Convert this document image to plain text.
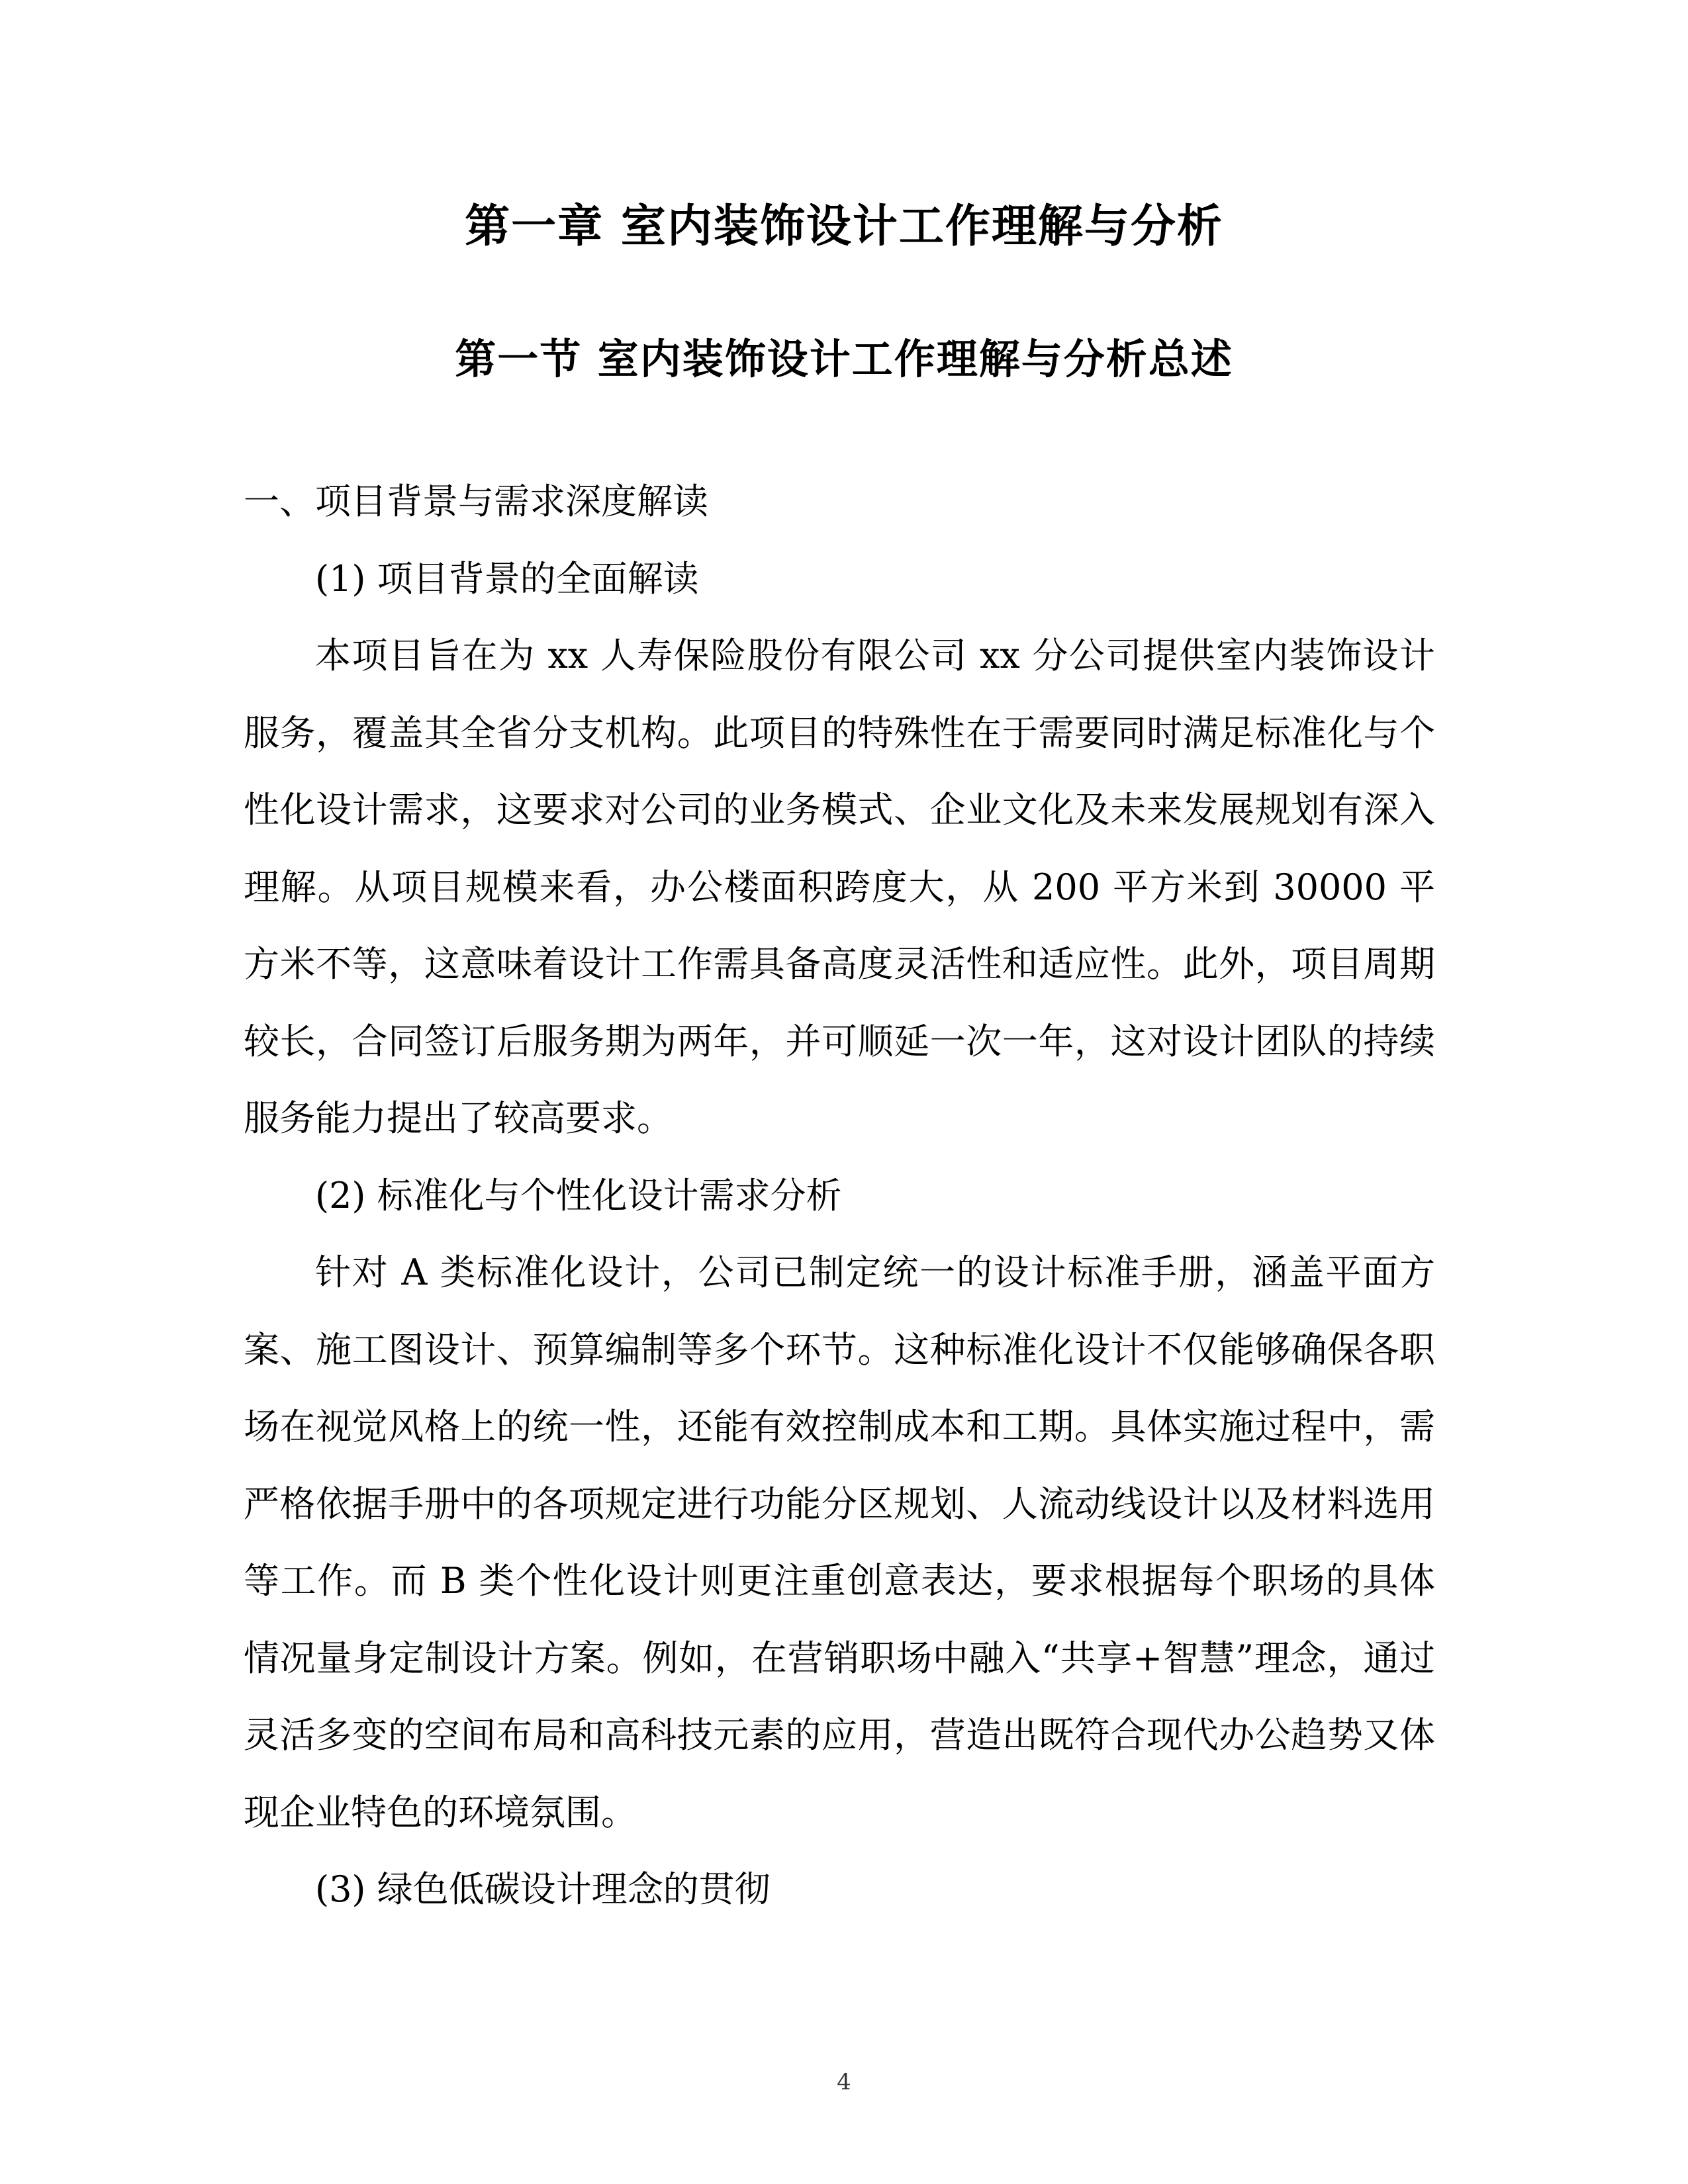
第一章 室内装饰设计工作理解与分析
第一节 室内装饰设计工作理解与分析总述
一、项目背景与需求深度解读
(1) 项目背景的全面解读

本项目旨在为 xx 人寿保险股份有限公司 xx 分公司提供室内装饰设计服务，覆盖其全省分支机构。此项目的特殊性在于需要同时满足标准化与个性化设计需求，这要求对公司的业务模式、企业文化及未来发展规划有深入理解。从项目规模来看，办公楼面积跨度大，从 200 平方米到 30000 平方米不等，这意味着设计工作需具备高度灵活性和适应性。此外，项目周期较长，合同签订后服务期为两年，并可顺延一次一年，这对设计团队的持续服务能力提出了较高要求。

(2) 标准化与个性化设计需求分析

针对 A 类标准化设计，公司已制定统一的设计标准手册，涵盖平面方案、施工图设计、预算编制等多个环节。这种标准化设计不仅能够确保各职场在视觉风格上的统一性，还能有效控制成本和工期。具体实施过程中，需严格依据手册中的各项规定进行功能分区规划、人流动线设计以及材料选用等工作。而 B 类个性化设计则更注重创意表达，要求根据每个职场的具体情况量身定制设计方案。例如，在营销职场中融入“共享+智慧”理念，通过灵活多变的空间布局和高科技元素的应用，营造出既符合现代办公趋势又体现企业特色的环境氛围。

(3) 绿色低碳设计理念的贯彻
4
